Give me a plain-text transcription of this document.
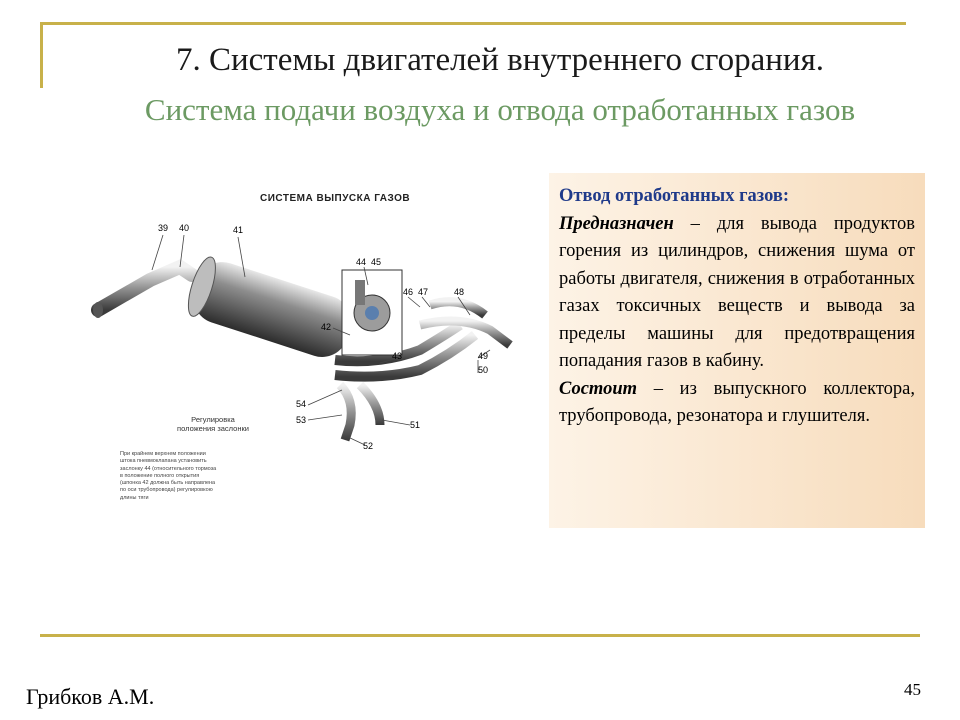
7. Системы двигателей внутреннего сгорания.
Система подачи воздуха и отвода отработанных газов
СИСТЕМА ВЫПУСКА ГАЗОВ
39 40	41
44 45
46 47	48
42
43	49
50
54
53
52
51
Регулировка
положения заслонки
При крайнем верхнем положении
штока пневмоклапана установить
заслонку 44 (относительного тормоза
в положение полного открытия
(шпонка 42 должна быть направлена
по оси трубопровода) регулировкою
длины тяги
Отвод отработанных газов:
Предназначен – для вывода продуктов горения из цилиндров, снижения шума от работы двигателя, снижения в отработанных газах токсичных веществ и вывода за пределы машины для предотвращения попадания газов в кабину.
Состоит – из выпускного коллектора, трубопровода, резонатора и глушителя.
Грибков А.М.	45
